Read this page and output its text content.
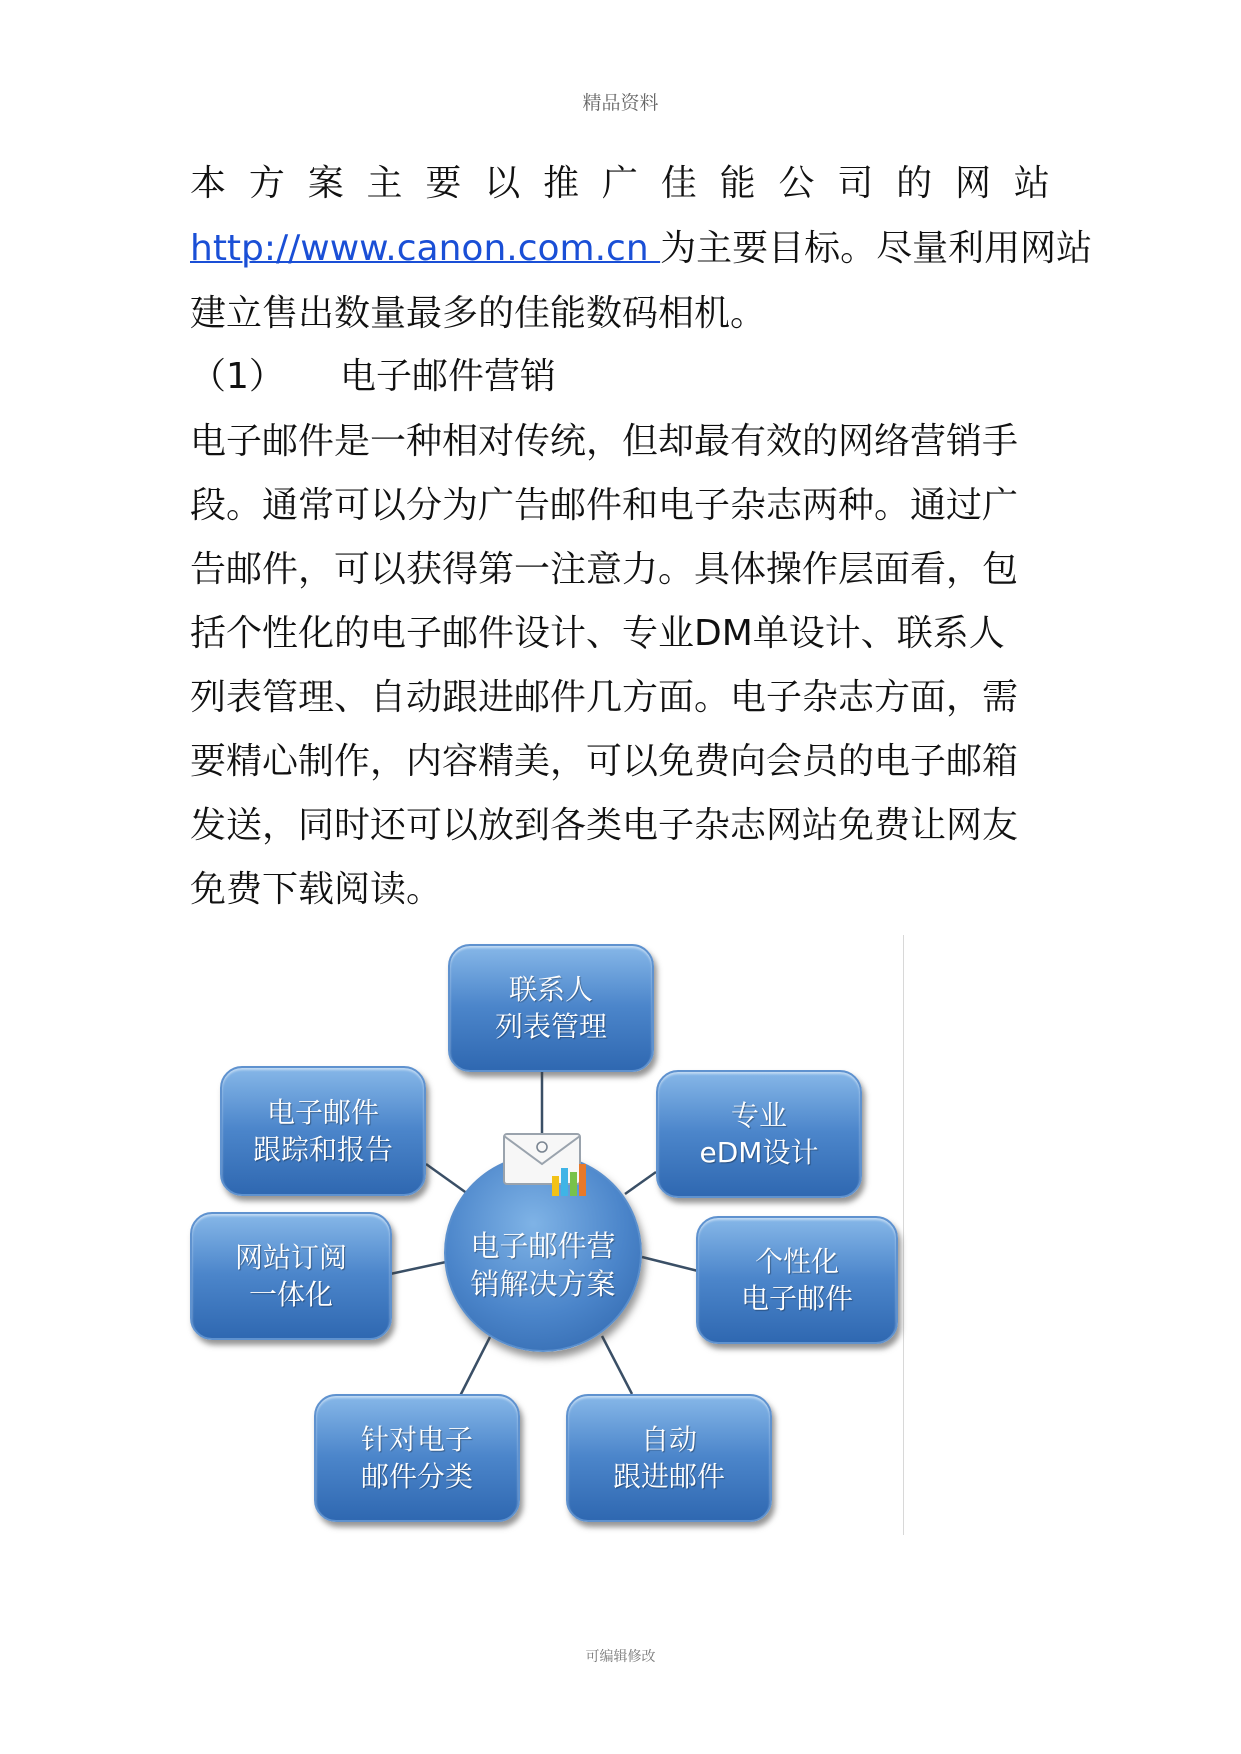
精品资料
本 方 案 主 要 以 推 广 佳 能 公 司 的 网 站
http://www.canon.com.cn 为主要目标。尽量利用网站
建立售出数量最多的佳能数码相机。
（1） 电子邮件营销
电子邮件是一种相对传统，但却最有效的网络营销手
段。通常可以分为广告邮件和电子杂志两种。通过广
告邮件，可以获得第一注意力。具体操作层面看，包
括个性化的电子邮件设计、专业DM单设计、联系人
列表管理、自动跟进邮件几方面。电子杂志方面，需
要精心制作，内容精美，可以免费向会员的电子邮箱
发送，同时还可以放到各类电子杂志网站免费让网友
免费下载阅读。
联系人
列表管理
专业
eDM设计
个性化
电子邮件
自动
跟进邮件
针对电子
邮件分类
网站订阅
一体化
电子邮件
跟踪和报告
电子邮件营
销解决方案
可编辑修改
